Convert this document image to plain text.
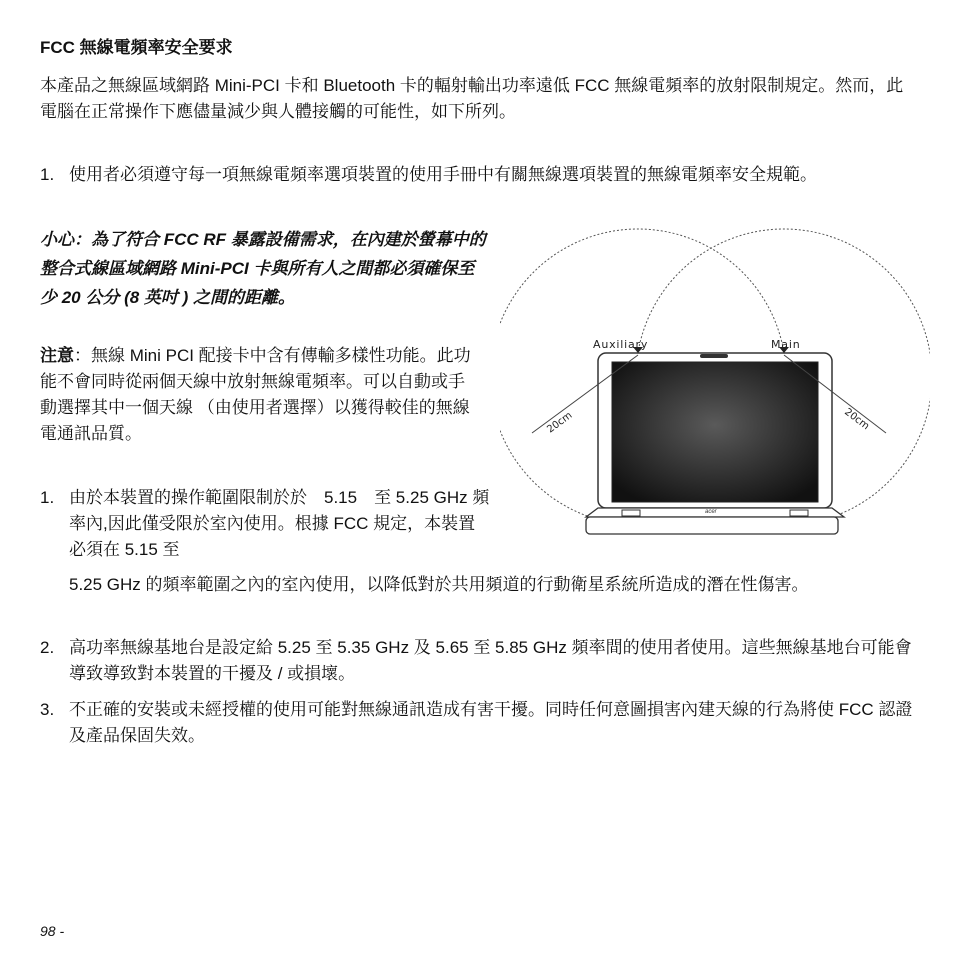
FCC 無線電頻率安全要求
本產品之無線區域網路 Mini-PCI 卡和 Bluetooth 卡的輻射輸出功率遠低 FCC 無線電頻率的放射限制規定。然而，此電腦在正常操作下應儘量減少與人體接觸的可能性，如下所列。
1. 使用者必須遵守每一項無線電頻率選項裝置的使用手冊中有關無線選項裝置的無線電頻率安全規範。
小心：為了符合 FCC RF 暴露設備需求，在內建於螢幕中的整合式線區域網路 Mini-PCI 卡與所有人之間都必須確保至少 20 公分 (8 英吋 ) 之間的距離。
注意：無線 Mini PCI 配接卡中含有傳輸多樣性功能。此功能不會同時從兩個天線中放射無線電頻率。可以自動或手動選擇其中一個天線 （由使用者選擇）以獲得較佳的無線電通訊品質。
1. 由於本裝置的操作範圍限制於於　5.15　至 5.25 GHz 頻率內,因此僅受限於室內使用。根據 FCC 規定，本裝置必須在 5.15 至
5.25 GHz 的頻率範圍之內的室內使用，以降低對於共用頻道的行動衛星系統所造成的潛在性傷害。
2. 高功率無線基地台是設定給 5.25 至 5.35 GHz 及 5.65 至 5.85 GHz 頻率間的使用者使用。這些無線基地台可能會導致導致對本裝置的干擾及 / 或損壞。
3. 不正確的安裝或未經授權的使用可能對無線通訊造成有害干擾。同時任何意圖損害內建天線的行為將使 FCC 認證及產品保固失效。
acer
Auxiliary	Main
20cm	20cm
98 -
